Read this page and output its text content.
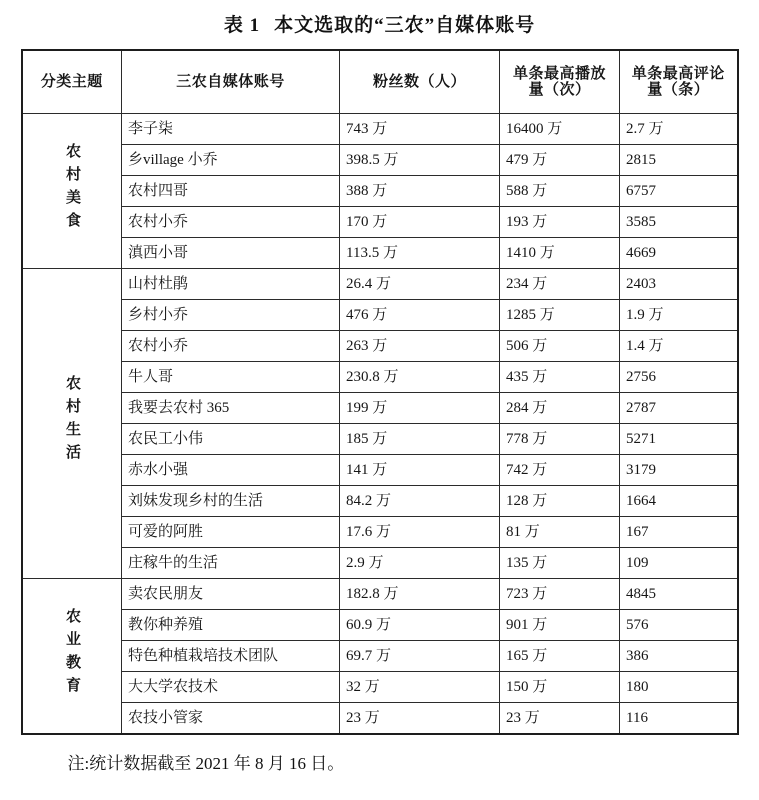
表 1 本文选取的“三农”自媒体账号
分类主题	三农自媒体账号	粉丝数（人）	单条最高播放量（次）	单条最高评论量（条）
农村美食	李子柒	743 万	16400 万	2.7 万
	乡village 小乔	398.5 万	479 万	2815
	农村四哥	388 万	588 万	6757
	农村小乔	170 万	193 万	3585
	滇西小哥	113.5 万	1410 万	4669
农村生活	山村杜鹃	26.4 万	234 万	2403
	乡村小乔	476 万	1285 万	1.9 万
	农村小乔	263 万	506 万	1.4 万
	牛人哥	230.8 万	435 万	2756
	我要去农村 365	199 万	284 万	2787
	农民工小伟	185 万	778 万	5271
	赤水小强	141 万	742 万	3179
	刘妹发现乡村的生活	84.2 万	128 万	1664
	可爱的阿胜	17.6 万	81 万	167
	庄稼牛的生活	2.9 万	135 万	109
农业教育	卖农民朋友	182.8 万	723 万	4845
	教你种养殖	60.9 万	901 万	576
	特色种植栽培技术团队	69.7 万	165 万	386
	大大学农技术	32 万	150 万	180
	农技小管家	23 万	23 万	116
注:统计数据截至 2021 年 8 月 16 日。
